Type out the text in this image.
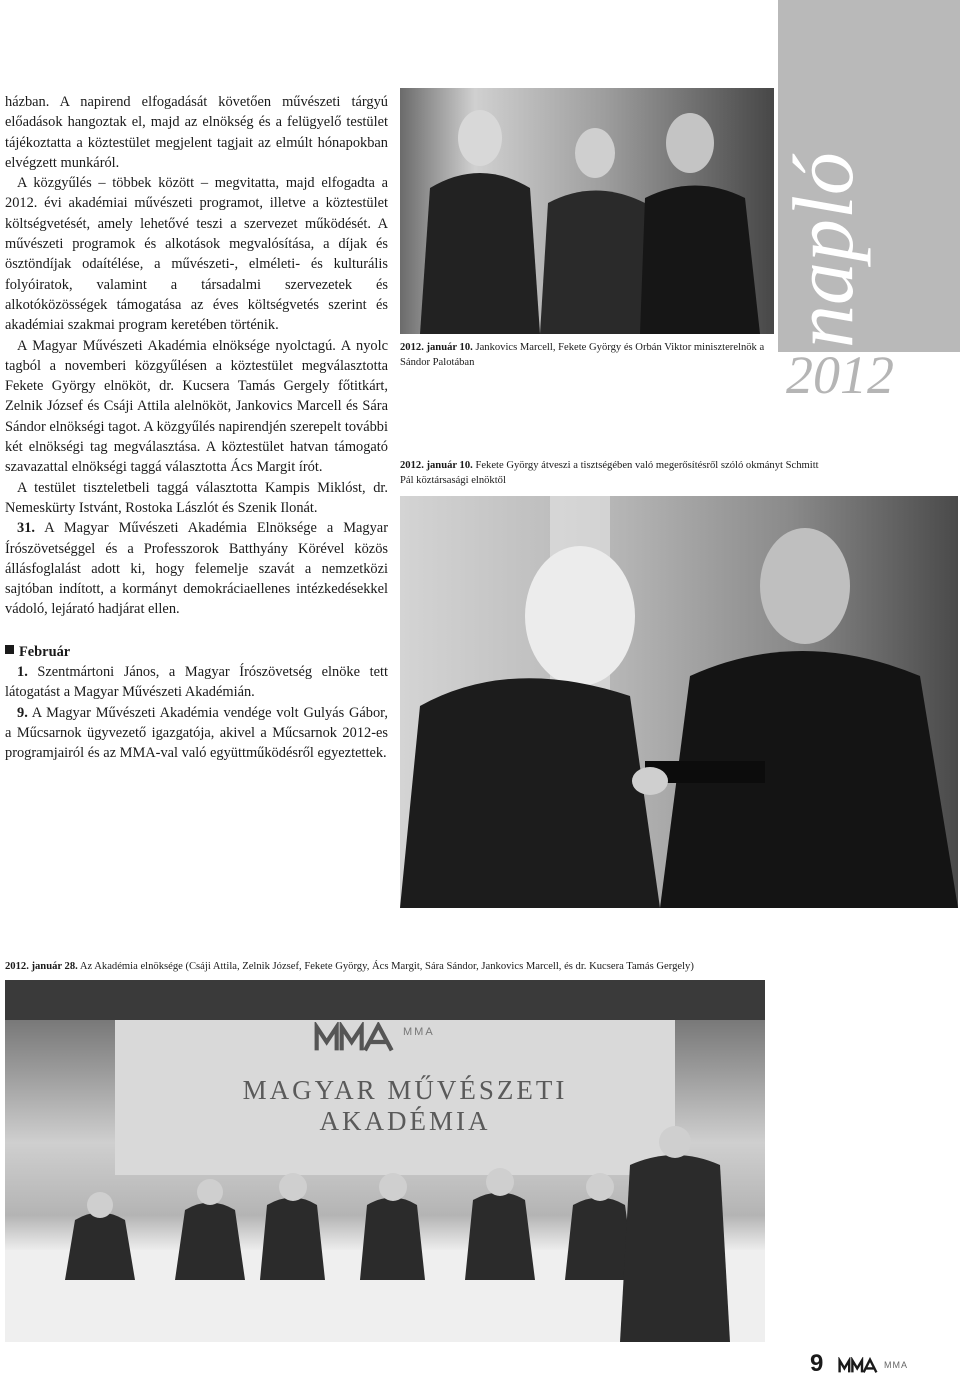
napló
2012

házban. A napirend elfogadását követően művészeti tárgyú előadások hangoztak el, majd az elnökség és a felügyelő testület tájékoztatta a köztestület megjelent tagjait az elmúlt hónapokban elvégzett munkáról.

A közgyűlés – többek között – megvitatta, majd elfogadta a 2012. évi akadémiai művészeti programot, illetve a köztestület költségvetését, amely lehetővé teszi a szervezet működését. A művészeti programok és alkotások megvalósítása, a díjak és ösztöndíjak odaítélése, a művészeti-, elméleti- és kulturális folyóiratok, valamint a társadalmi szervezetek és alkotóközösségek támogatása az éves költségvetés szerint és akadémiai szakmai program keretében történik.

A Magyar Művészeti Akadémia elnöksége nyolctagú. A nyolc tagból a novemberi közgyűlésen a köztestület megválasztotta Fekete György elnököt, dr. Kucsera Tamás Gergely főtitkárt, Zelnik József és Csáji Attila alelnököt, Jankovics Marcell és Sára Sándor elnökségi tagot. A közgyűlés napirendjén szerepelt további két elnökségi tag megválasztása. A köztestület hatvan támogató szavazattal elnökségi taggá választotta Ács Margit írót.

A testület tiszteletbeli taggá választotta Kampis Miklóst, dr. Nemeskürty Istvánt, Rostoka Lászlót és Szenik Ilonát.

31. A Magyar Művészeti Akadémia Elnöksége a Magyar Írószövetséggel és a Professzorok Batthyány Körével közös állásfoglalást adott ki, hogy felemelje szavát a nemzetközi sajtóban indított, a kormányt demokráciaellenes intézkedésekkel vádoló, lejárató hadjárat ellen.

Február

1. Szentmártoni János, a Magyar Írószövetség elnöke tett látogatást a Magyar Művészeti Akadémián.

9. A Magyar Művészeti Akadémia vendége volt Gulyás Gábor, a Műcsarnok ügyvezető igazgatója, akivel a Műcsarnok 2012-es programjairól és az MMA-val való együttműködésről egyeztettek.

2012. január 10. Jankovics Marcell, Fekete György és Orbán Viktor miniszterelnök a Sándor Palotában
2012. január 10. Fekete György átveszi a tisztségében való megerősítésről szóló okmányt Schmitt Pál köztársasági elnöktől
2012. január 28. Az Akadémia elnöksége (Csáji Attila, Zelnik József, Fekete György, Ács Margit, Sára Sándor, Jankovics Marcell, és dr. Kucsera Tamás Gergely)
MMA
MAGYAR MŰVÉSZETI AKADÉMIA
9	MMA
